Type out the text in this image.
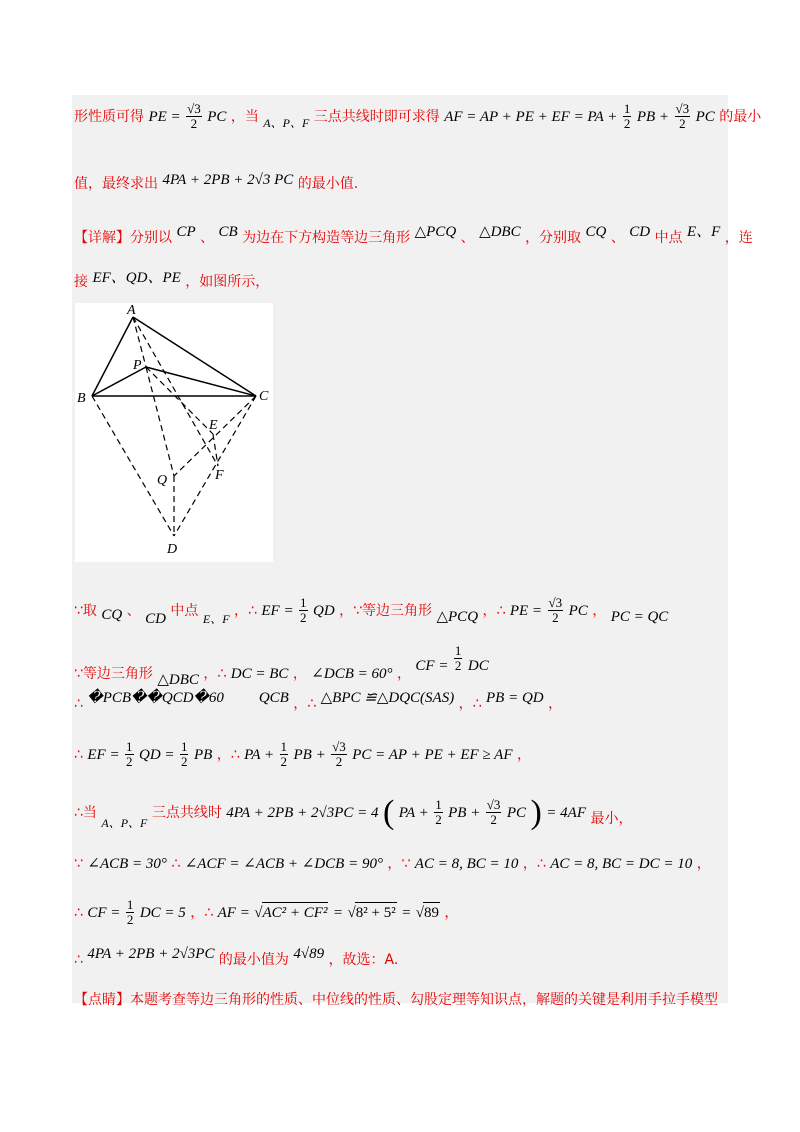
形性质可得 PE = $\frac{√3}{2}$ PC ，当 A、P、F 三点共线时即可求得 AF = AP + PE + EF = PA + $\frac{1}{2}$ PB + $\frac{√3}{2}$ PC 的最小
值，最终求出 4PA + 2PB + 2√3 PC 的最小值.
【详解】分别以 CP 、 CB 为边在下方构造等边三角形 △PCQ 、 △DBC ，分别取 CQ 、 CD 中点 E、F ，连
接 EF、QD、PE ，如图所示，
A
P
B	C
E
F
Q
D
∵取 CQ 、 CD 中点 E、F ，∴ EF = $\frac{1}{2}$ QD ，∵等边三角形 △PCQ ，∴ PE = $\frac{√3}{2}$ PC ， PC = QC
∵等边三角形 △DBC ，∴ DC = BC ， ∠DCB = 60° ， CF = $\frac{1}{2}$ DC
∴ �PCB��QCD�60 QCB ，∴ △BPC ≌△DQC(SAS) ，∴ PB = QD ，
∴ EF = $\frac{1}{2}$ QD = $\frac{1}{2}$ PB ，∴ PA + $\frac{1}{2}$ PB + $\frac{√3}{2}$ PC = AP + PE + EF ≥ AF ，
∴当 A、P、F 三点共线时 4PA + 2PB + 2√3PC = 4 ( PA + $\frac{1}{2}$ PB + $\frac{√3}{2}$ PC ) = 4AF 最小，
∵ ∠ACB = 30° ∴ ∠ACF = ∠ACB + ∠DCB = 90° ，∵ AC = 8, BC = 10 ，∴ AC = 8, BC = DC = 10 ，
∴ CF = $\frac{1}{2}$ DC = 5 ，∴ AF = √AC² + CF² = √8² + 5² = √89 ，
∴ 4PA + 2PB + 2√3PC 的最小值为 4√89 ，故选：A.
【点睛】本题考查等边三角形的性质、中位线的性质、勾股定理等知识点，解题的关键是利用手拉手模型
